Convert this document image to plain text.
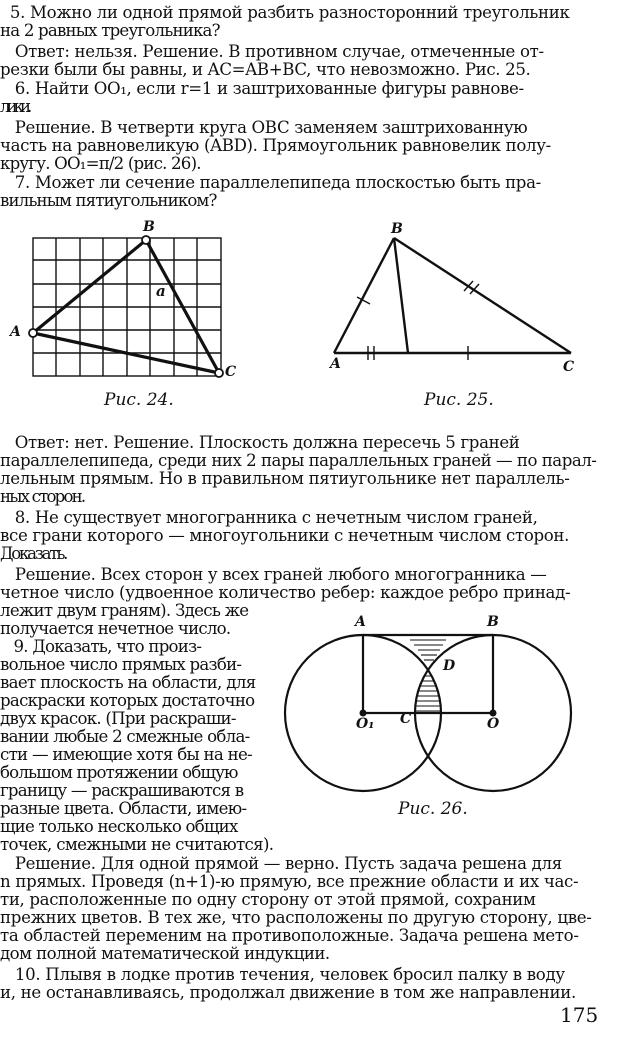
5. Можно ли одной прямой разбить разносторонний треугольник
на 2 равных треугольника?
Ответ: нельзя. Решение. В противном случае, отмеченные от-
резки были бы равны, и AC=AB+BC, что невозможно. Рис. 25.
6. Найти OO₁, если r=1 и заштрихованные фигуры равнове-
лики.
Решение. В четверти круга OBC заменяем заштрихованную
часть на равновеликую (ABD). Прямоугольник равновелик полу-
кругу. OO₁=π/2 (рис. 26).
7. Может ли сечение параллелепипеда плоскостью быть пра-
вильным пятиугольником?
B
A
C
a
Рис. 24.
B
A	C
Рис. 25.
Ответ: нет. Решение. Плоскость должна пересечь 5 граней
параллелепипеда, среди них 2 пары параллельных граней — по парал-
лельным прямым. Но в правильном пятиугольнике нет параллель-
ных сторон.
8. Не существует многогранника с нечетным числом граней,
все грани которого — многоугольники с нечетным числом сторон.
Доказать.
Решение. Всех сторон у всех граней любого многогранника —
четное число (удвоенное количество ребер: каждое ребро принад-
лежит двум граням). Здесь же
получается нечетное число.
9. Доказать, что произ-
вольное число прямых разби-
вает плоскость на области, для
раскраски которых достаточно
двух красок. (При раскраши-
вании любые 2 смежные обла-
сти — имеющие хотя бы на не-
большом протяжении общую
границу — раскрашиваются в
разные цвета. Области, имею-
щие только несколько общих
точек, смежными не считаются).
A	B
D
C
O₁	O
Рис. 26.
Решение. Для одной прямой — верно. Пусть задача решена для
n прямых. Проведя (n+1)-ю прямую, все прежние области и их час-
ти, расположенные по одну сторону от этой прямой, сохраним
прежних цветов. В тех же, что расположены по другую сторону, цве-
та областей переменим на противоположные. Задача решена мето-
дом полной математической индукции.
10. Плывя в лодке против течения, человек бросил палку в воду
и, не останавливаясь, продолжал движение в том же направлении.
175
